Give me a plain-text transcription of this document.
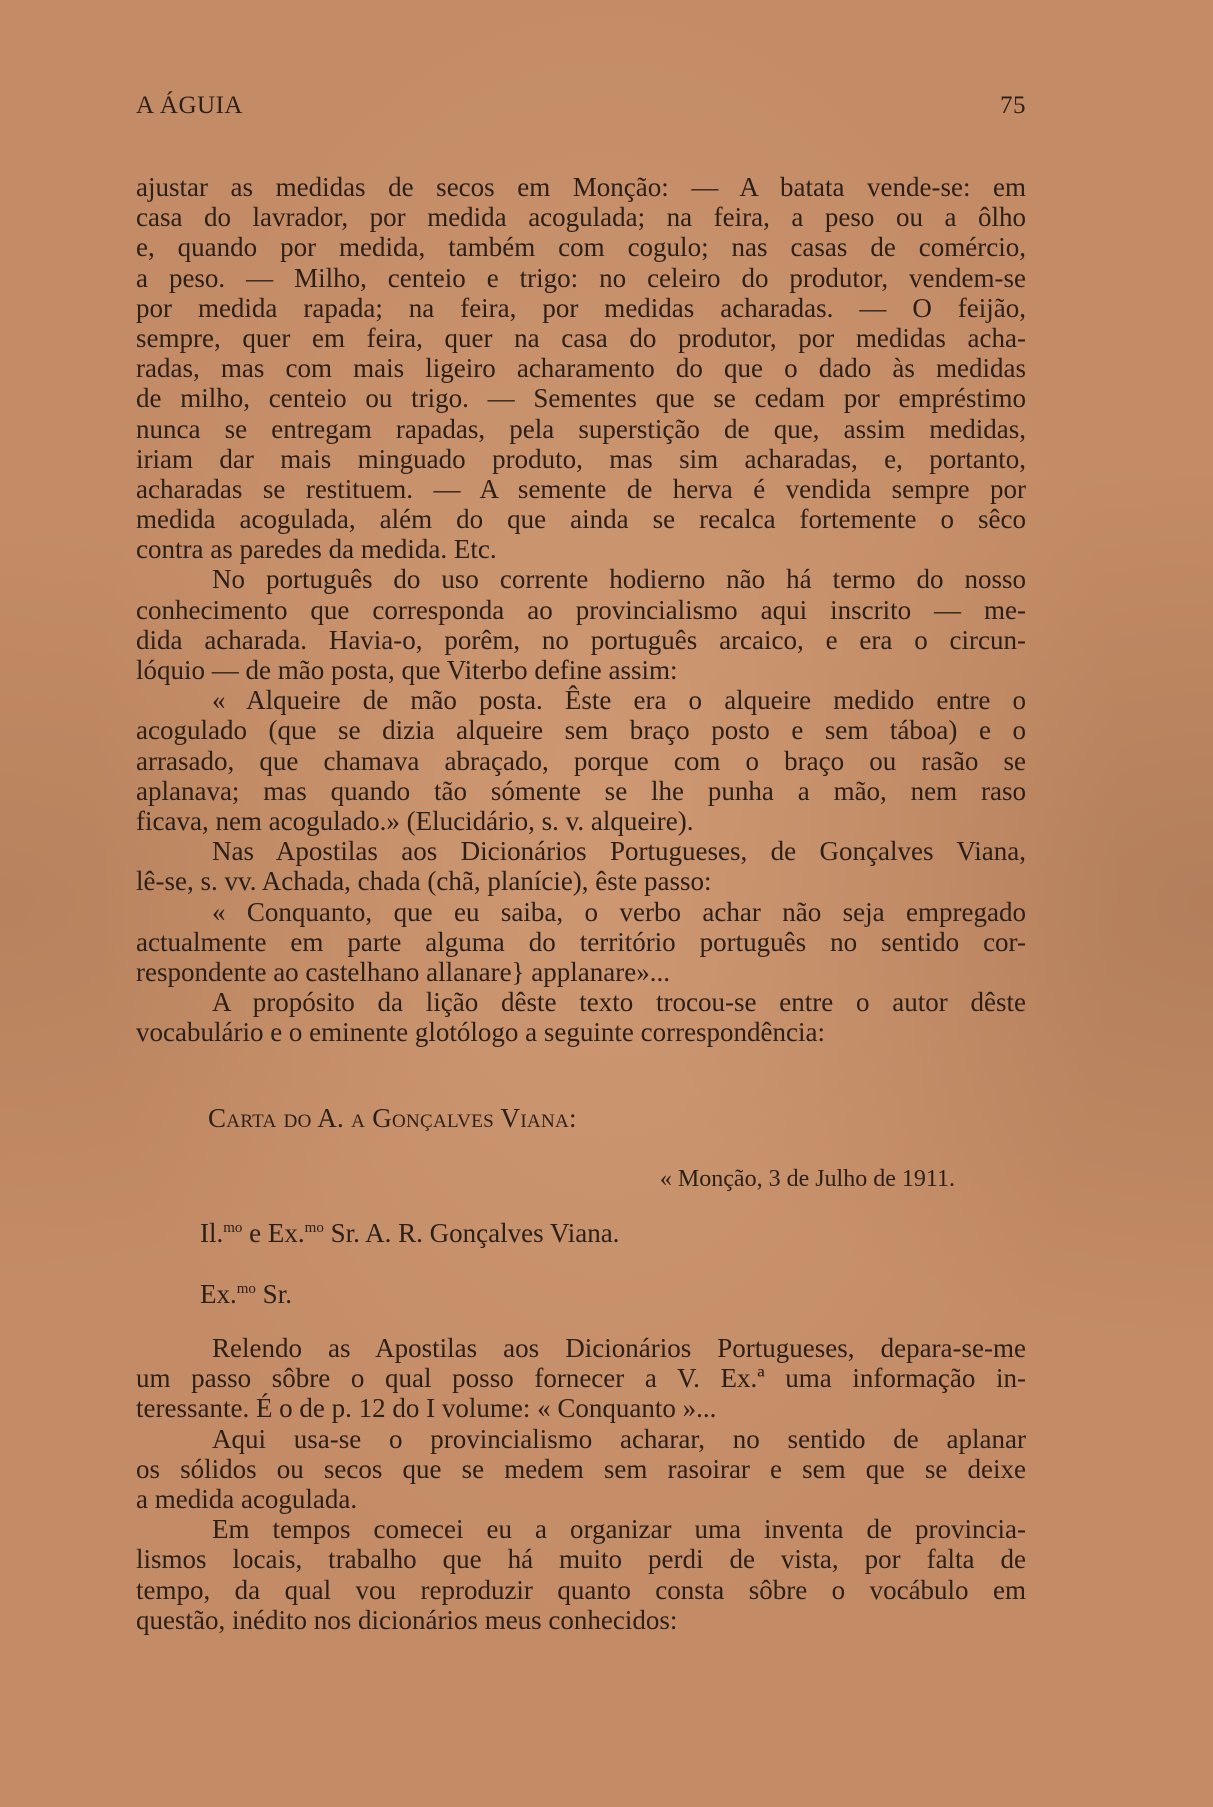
A ÁGUIA	75
ajustar as medidas de secos em Monção: — A batata vende-se: em
casa do lavrador, por medida acogulada; na feira, a peso ou a ôlho
e, quando por medida, também com cogulo; nas casas de comércio,
a peso. — Milho, centeio e trigo: no celeiro do produtor, vendem-se
por medida rapada; na feira, por medidas acharadas. — O feijão,
sempre, quer em feira, quer na casa do produtor, por medidas acha-
radas, mas com mais ligeiro acharamento do que o dado às medidas
de milho, centeio ou trigo. — Sementes que se cedam por empréstimo
nunca se entregam rapadas, pela superstição de que, assim medidas,
iriam dar mais minguado produto, mas sim acharadas, e, portanto,
acharadas se restituem. — A semente de herva é vendida sempre por
medida acogulada, além do que ainda se recalca fortemente o sêco
contra as paredes da medida. Etc.
No português do uso corrente hodierno não há termo do nosso
conhecimento que corresponda ao provincialismo aqui inscrito — me-
dida acharada. Havia-o, porêm, no português arcaico, e era o circun-
lóquio — de mão posta, que Viterbo define assim:
« Alqueire de mão posta. Êste era o alqueire medido entre o
acogulado (que se dizia alqueire sem braço posto e sem táboa) e o
arrasado, que chamava abraçado, porque com o braço ou rasão se
aplanava; mas quando tão sómente se lhe punha a mão, nem raso
ficava, nem acogulado.» (Elucidário, s. v. alqueire).
Nas Apostilas aos Dicionários Portugueses, de Gonçalves Viana,
lê-se, s. vv. Achada, chada (chã, planície), êste passo:
« Conquanto, que eu saiba, o verbo achar não seja empregado
actualmente em parte alguma do território português no sentido cor-
respondente ao castelhano allanare} applanare»...
A propósito da lição dêste texto trocou-se entre o autor dêste
vocabulário e o eminente glotólogo a seguinte correspondência:
Carta do A. a Gonçalves Viana:
« Monção, 3 de Julho de 1911.
Il.$^{mo}$ e Ex.$^{mo}$ Sr. A. R. Gonçalves Viana.
Ex.$^{mo}$ Sr.
Relendo as Apostilas aos Dicionários Portugueses, depara-se-me
um passo sôbre o qual posso fornecer a V. Ex.ª uma informação in-
teressante. É o de p. 12 do I volume: « Conquanto »...
Aqui usa-se o provincialismo acharar, no sentido de aplanar
os sólidos ou secos que se medem sem rasoirar e sem que se deixe
a medida acogulada.
Em tempos comecei eu a organizar uma inventa de provincia-
lismos locais, trabalho que há muito perdi de vista, por falta de
tempo, da qual vou reproduzir quanto consta sôbre o vocábulo em
questão, inédito nos dicionários meus conhecidos:
